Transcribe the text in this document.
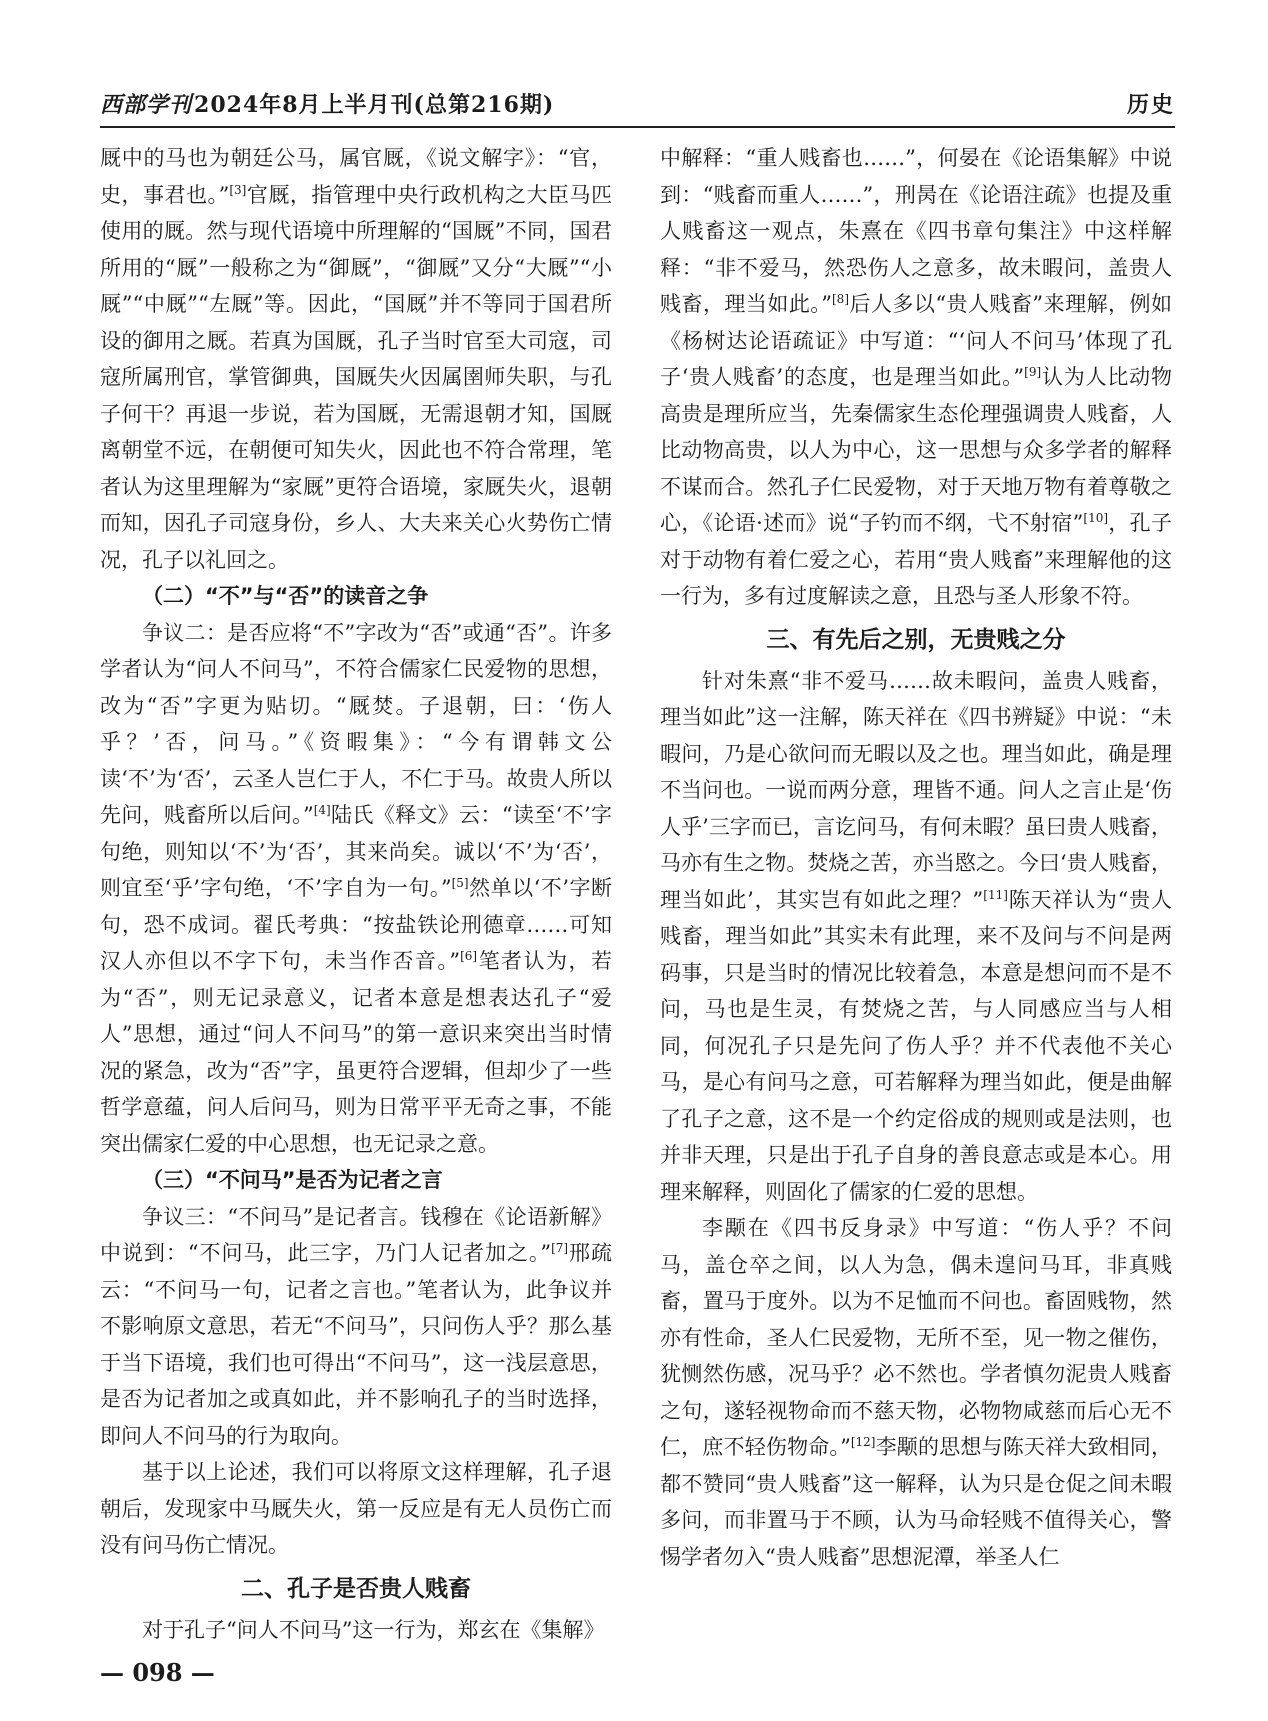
西部学刊2024年8月上半月刊(总第216期)	历史

厩中的马也为朝廷公马，属官厩，《说文解字》：“官，史，事君也。”[3]官厩，指管理中央行政机构之大臣马匹使用的厩。然与现代语境中所理解的“国厩”不同，国君所用的“厩”一般称之为“御厩”，“御厩”又分“大厩”“小厩”“中厩”“左厩”等。因此，“国厩”并不等同于国君所设的御用之厩。若真为国厩，孔子当时官至大司寇，司寇所属刑官，掌管御典，国厩失火因属圉师失职，与孔子何干？再退一步说，若为国厩，无需退朝才知，国厩离朝堂不远，在朝便可知失火，因此也不符合常理，笔者认为这里理解为“家厩”更符合语境，家厩失火，退朝而知，因孔子司寇身份，乡人、大夫来关心火势伤亡情况，孔子以礼回之。

（二）“不”与“否”的读音之争

争议二：是否应将“不”字改为“否”或通“否”。许多学者认为“问人不问马”，不符合儒家仁民爱物的思想，改为“否”字更为贴切。“厩焚。子退朝，曰：‘伤人乎？’否，问马。”《资暇集》：“今有谓韩文公读‘不’为‘否’，云圣人岂仁于人，不仁于马。故贵人所以先问，贱畜所以后问。”[4]陆氏《释文》云：“读至‘不’字句绝，则知以‘不’为‘否’，其来尚矣。诚以‘不’为‘否’，则宜至‘乎’字句绝，‘不’字自为一句。”[5]然单以‘不’字断句，恐不成词。翟氏考典：“按盐铁论刑德章……可知汉人亦但以不字下句，未当作否音。”[6]笔者认为，若为“否”，则无记录意义，记者本意是想表达孔子“爱人”思想，通过“问人不问马”的第一意识来突出当时情况的紧急，改为“否”字，虽更符合逻辑，但却少了一些哲学意蕴，问人后问马，则为日常平平无奇之事，不能突出儒家仁爱的中心思想，也无记录之意。

（三）“不问马”是否为记者之言

争议三：“不问马”是记者言。钱穆在《论语新解》中说到：“不问马，此三字，乃门人记者加之。”[7]邢疏云：“不问马一句，记者之言也。”笔者认为，此争议并不影响原文意思，若无“不问马”，只问伤人乎？那么基于当下语境，我们也可得出“不问马”，这一浅层意思，是否为记者加之或真如此，并不影响孔子的当时选择，即问人不问马的行为取向。

基于以上论述，我们可以将原文这样理解，孔子退朝后，发现家中马厩失火，第一反应是有无人员伤亡而没有问马伤亡情况。

二、孔子是否贵人贱畜

对于孔子“问人不问马”这一行为，郑玄在《集解》

中解释：“重人贱畜也……”，何晏在《论语集解》中说到：“贱畜而重人……”，刑昺在《论语注疏》也提及重人贱畜这一观点，朱熹在《四书章句集注》中这样解释：“非不爱马，然恐伤人之意多，故未暇问，盖贵人贱畜，理当如此。”[8]后人多以“贵人贱畜”来理解，例如《杨树达论语疏证》中写道：“‘问人不问马’体现了孔子‘贵人贱畜’的态度，也是理当如此。”[9]认为人比动物高贵是理所应当，先秦儒家生态伦理强调贵人贱畜，人比动物高贵，以人为中心，这一思想与众多学者的解释不谋而合。然孔子仁民爱物，对于天地万物有着尊敬之心，《论语·述而》说“子钓而不纲，弋不射宿”[10]，孔子对于动物有着仁爱之心，若用“贵人贱畜”来理解他的这一行为，多有过度解读之意，且恐与圣人形象不符。

三、有先后之别，无贵贱之分

针对朱熹“非不爱马……故未暇问，盖贵人贱畜，理当如此”这一注解，陈天祥在《四书辨疑》中说：“未暇问，乃是心欲问而无暇以及之也。理当如此，确是理不当问也。一说而两分意，理皆不通。问人之言止是‘伤人乎’三字而已，言讫问马，有何未暇？虽曰贵人贱畜，马亦有生之物。焚烧之苦，亦当愍之。今曰‘贵人贱畜，理当如此’，其实岂有如此之理？”[11]陈天祥认为“贵人贱畜，理当如此”其实未有此理，来不及问与不问是两码事，只是当时的情况比较着急，本意是想问而不是不问，马也是生灵，有焚烧之苦，与人同感应当与人相同，何况孔子只是先问了伤人乎？并不代表他不关心马，是心有问马之意，可若解释为理当如此，便是曲解了孔子之意，这不是一个约定俗成的规则或是法则，也并非天理，只是出于孔子自身的善良意志或是本心。用理来解释，则固化了儒家的仁爱的思想。

李颙在《四书反身录》中写道：“伤人乎？不问马，盖仓卒之间，以人为急，偶未遑问马耳，非真贱畜，置马于度外。以为不足恤而不问也。畜固贱物，然亦有性命，圣人仁民爱物，无所不至，见一物之催伤，犹恻然伤感，况马乎？必不然也。学者慎勿泥贵人贱畜之句，遂轻视物命而不慈天物，必物物咸慈而后心无不仁，庶不轻伤物命。”[12]李颙的思想与陈天祥大致相同，都不赞同“贵人贱畜”这一解释，认为只是仓促之间未暇多问，而非置马于不顾，认为马命轻贱不值得关心，警惕学者勿入“贵人贱畜”思想泥潭，举圣人仁

— 098 —
